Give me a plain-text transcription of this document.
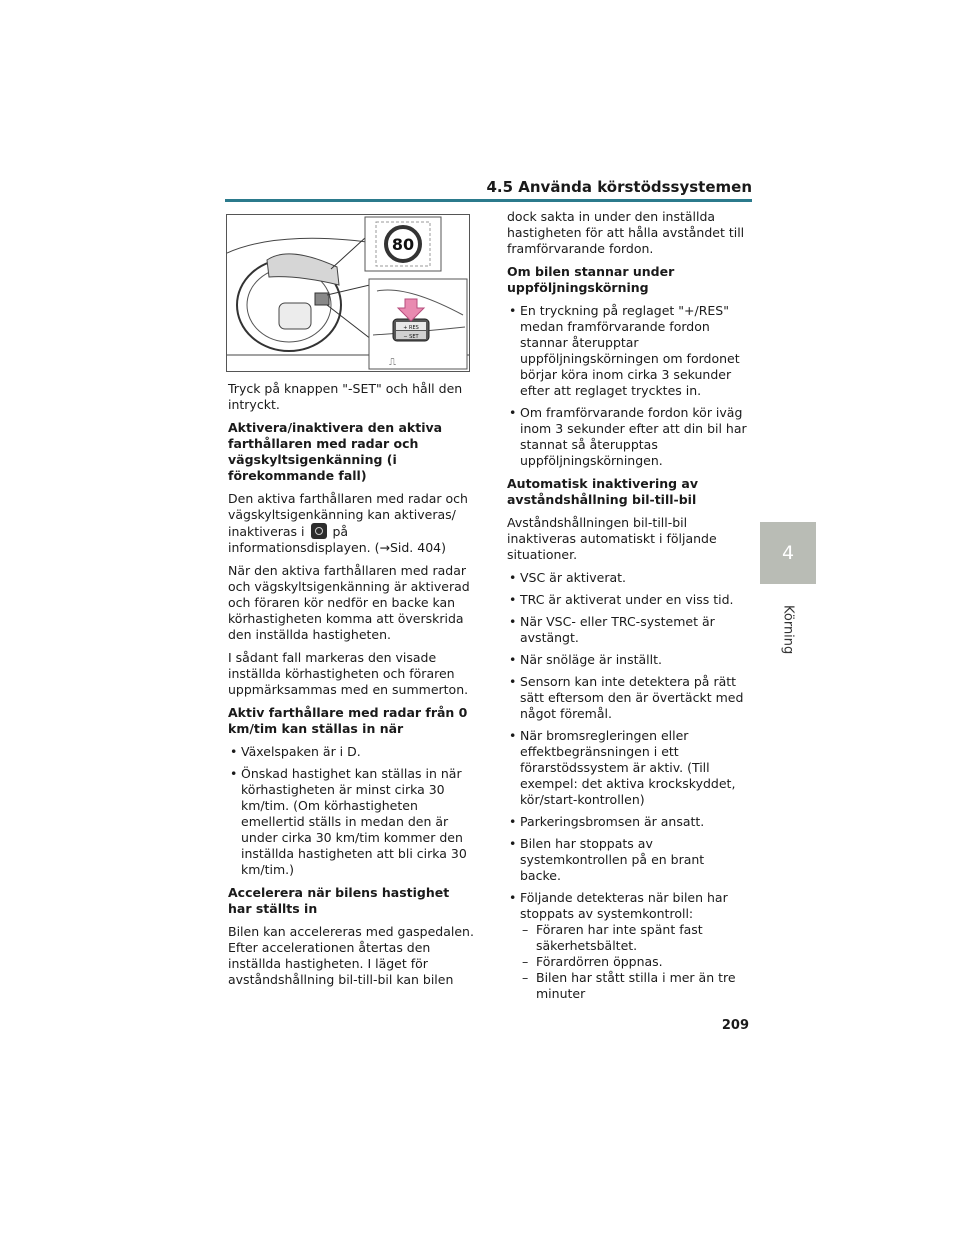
4.5 Använda körstödssystemen
4
Körning
80
+ RES
− SET
⎍

Tryck på knappen "-SET" och håll den intryckt.

Aktivera/inaktivera den aktiva farthållaren med radar och vägskyltsigenkänning (i förekommande fall)

Den aktiva farthållaren med radar och vägskyltsigenkänning kan aktiveras/ inaktiveras i på informationsdisplayen. (→Sid. 404)

När den aktiva farthållaren med radar och vägskyltsigenkänning är aktiverad och föraren kör nedför en backe kan körhastigheten komma att överskrida den inställda hastigheten.

I sådant fall markeras den visade inställda körhastigheten och föraren uppmärksammas med en summerton.

Aktiv farthållare med radar från 0 km/tim kan ställas in när
• Växelspaken är i D.
• Önskad hastighet kan ställas in när körhastigheten är minst cirka 30 km/tim. (Om körhastigheten emellertid ställs in medan den är under cirka 30 km/tim kommer den inställda hastigheten att bli cirka 30 km/tim.)
Accelerera när bilens hastighet har ställts in

Bilen kan accelereras med gaspedalen. Efter accelerationen återtas den inställda hastigheten. I läget för avståndshållning bil-till-bil kan bilen

dock sakta in under den inställda hastigheten för att hålla avståndet till framförvarande fordon.

Om bilen stannar under uppföljningskörning
• En tryckning på reglaget "+/RES" medan framförvarande fordon stannar återupptar uppföljningskörningen om fordonet börjar köra inom cirka 3 sekunder efter att reglaget trycktes in.
• Om framförvarande fordon kör iväg inom 3 sekunder efter att din bil har stannat så återupptas uppföljningskörningen.
Automatisk inaktivering av avståndshållning bil-till-bil

Avståndshållningen bil-till-bil inaktiveras automatiskt i följande situationer.

• VSC är aktiverat.
• TRC är aktiverat under en viss tid.
• När VSC- eller TRC-systemet är avstängt.
• När snöläge är inställt.
• Sensorn kan inte detektera på rätt sätt eftersom den är övertäckt med något föremål.
• När bromsregleringen eller effektbegränsningen i ett förarstödssystem är aktiv. (Till exempel: det aktiva krockskyddet, kör/start-kontrollen)
• Parkeringsbromsen är ansatt.
• Bilen har stoppats av systemkontrollen på en brant backe.
• Följande detekteras när bilen har stoppats av systemkontroll:
– Föraren har inte spänt fast säkerhetsbältet.
– Förardörren öppnas.
– Bilen har stått stilla i mer än tre minuter
209
